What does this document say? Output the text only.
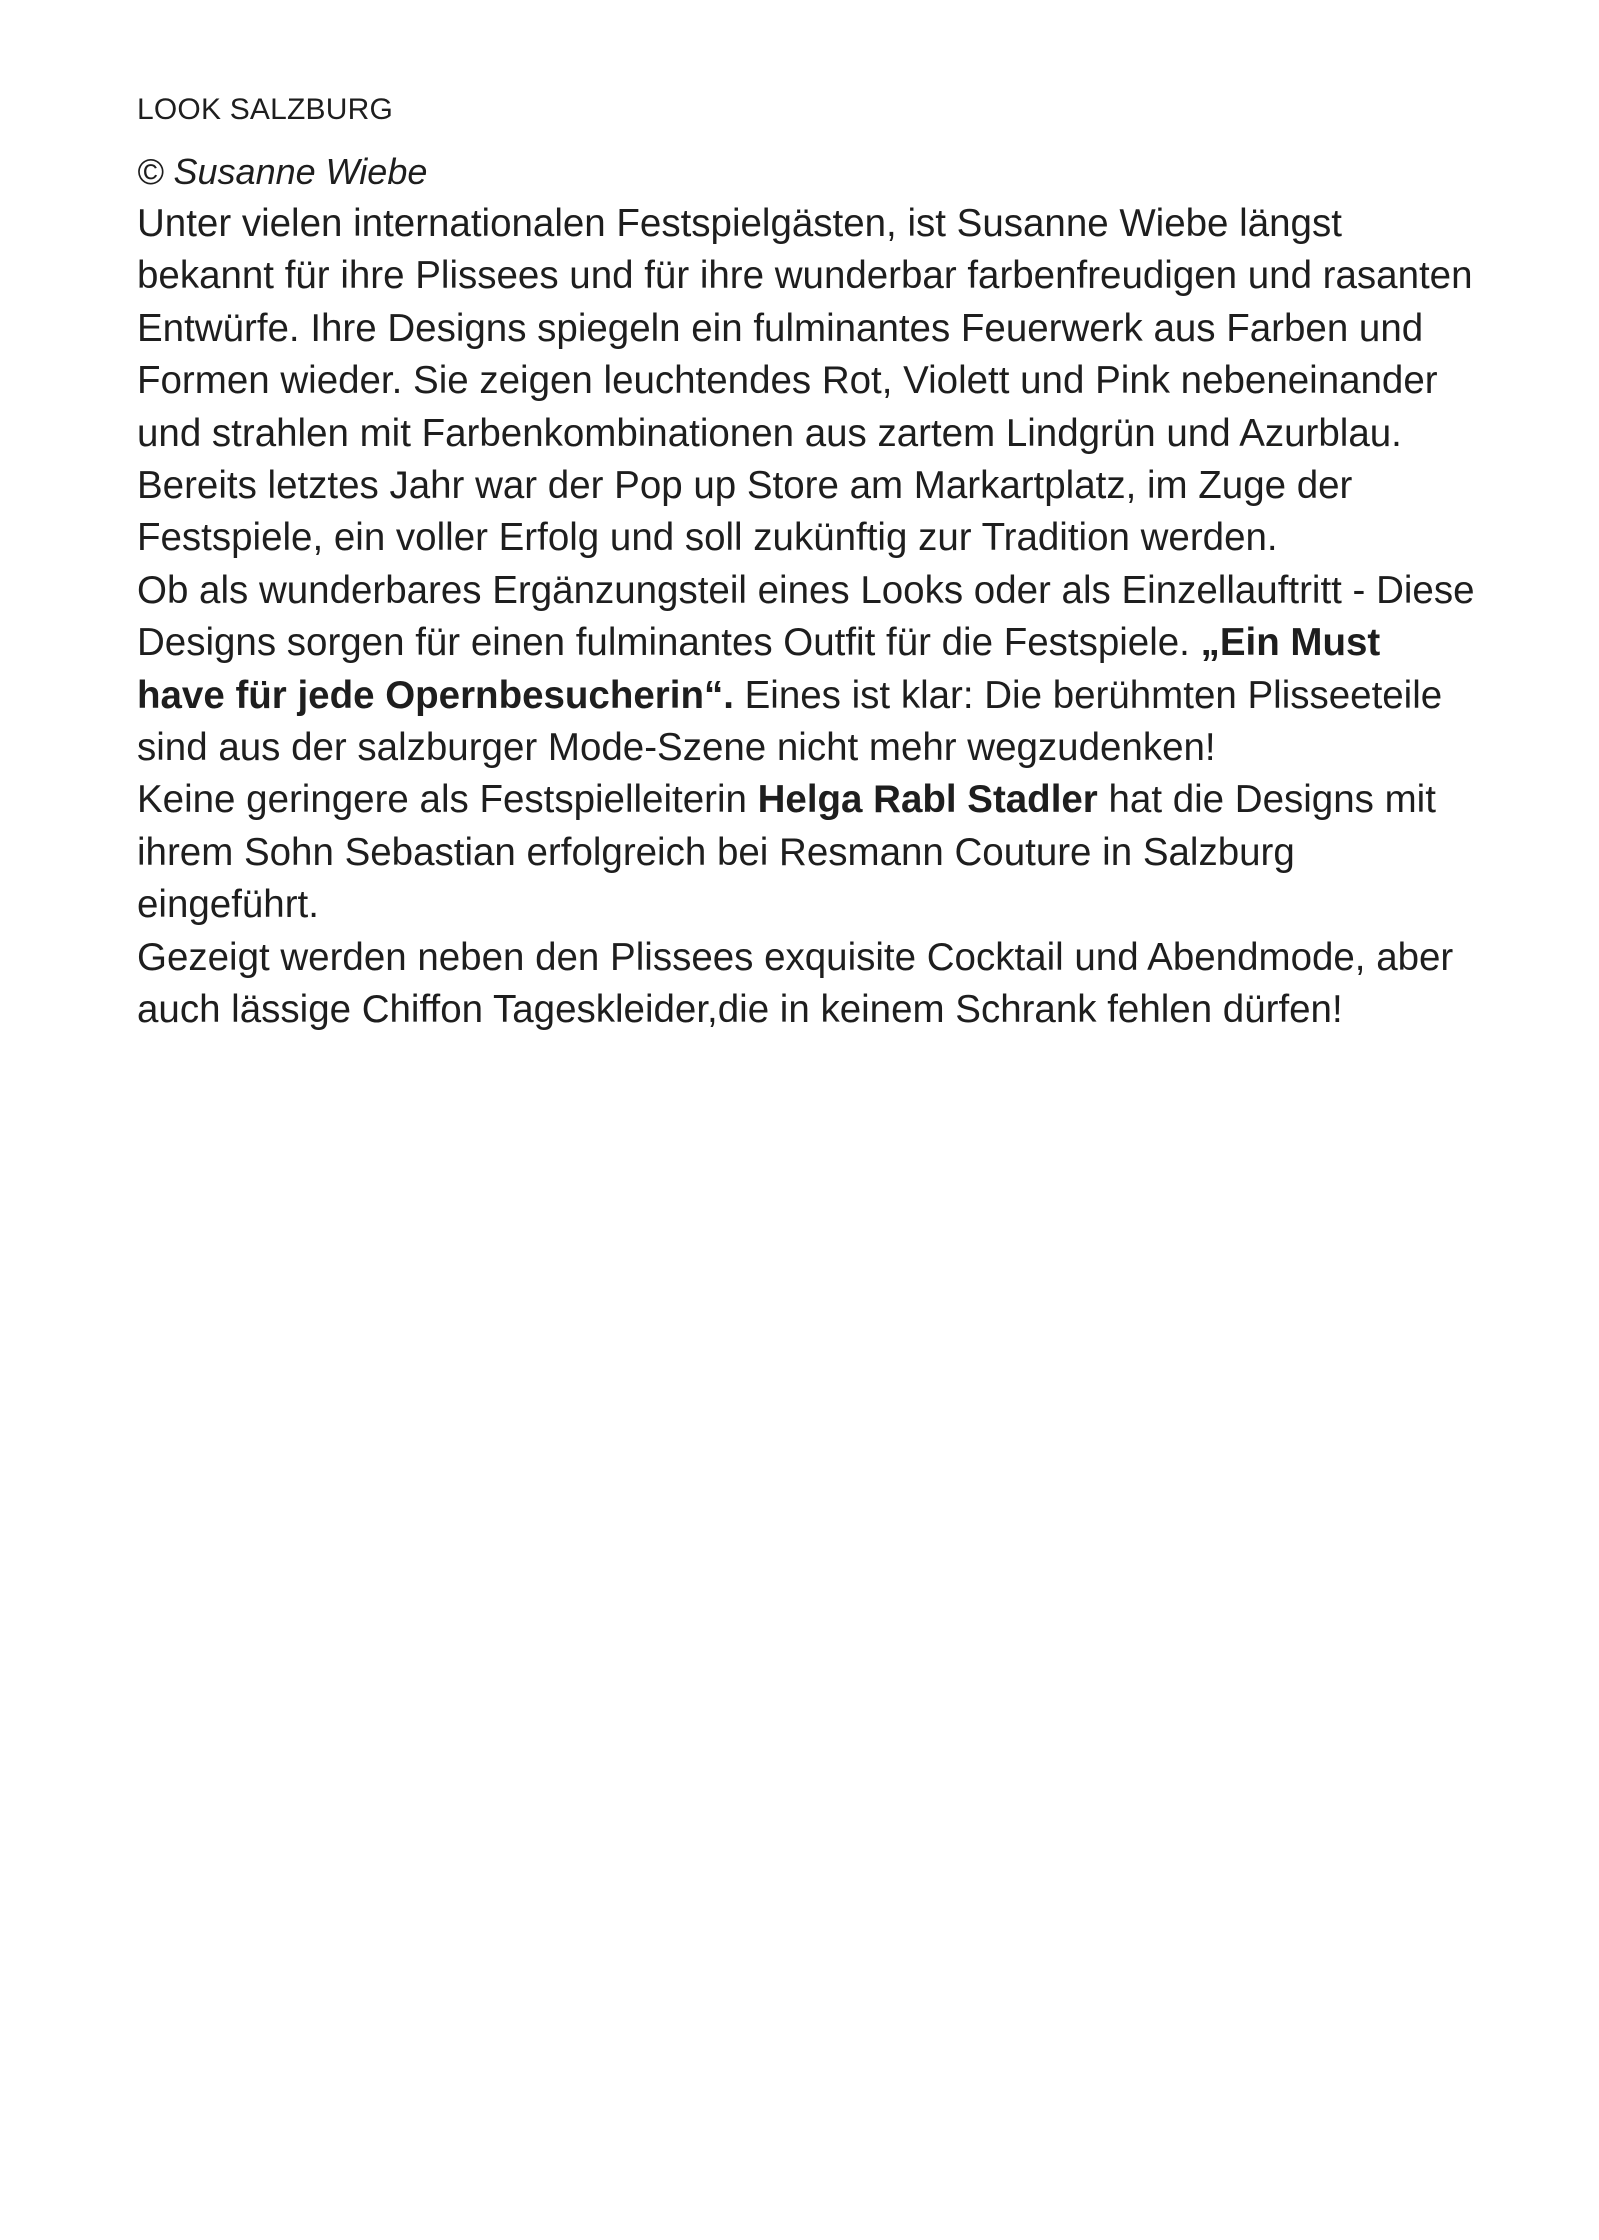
LOOK SALZBURG
© Susanne Wiebe

Unter vielen internationalen Festspielgästen, ist Susanne Wiebe längst bekannt für ihre Plissees und für ihre wunderbar farbenfreudigen und rasanten Entwürfe. Ihre Designs spiegeln ein fulminantes Feuerwerk aus Farben und Formen wieder. Sie zeigen leuchtendes Rot, Violett und Pink nebeneinander und strahlen mit Farbenkombinationen aus zartem Lindgrün und Azurblau. Bereits letztes Jahr war der Pop up Store am Markartplatz, im Zuge der Festspiele, ein voller Erfolg und soll zukünftig zur Tradition werden.

Ob als wunderbares Ergänzungsteil eines Looks oder als Einzellauftritt - Diese Designs sorgen für einen fulminantes Outfit für die Festspiele. „Ein Must have für jede Opernbesucherin“. Eines ist klar: Die berühmten Plisseeteile sind aus der salzburger Mode-Szene nicht mehr wegzudenken!

Keine geringere als Festspielleiterin Helga Rabl Stadler hat die Designs mit ihrem Sohn Sebastian erfolgreich bei Resmann Couture in Salzburg eingeführt.

Gezeigt werden neben den Plissees exquisite Cocktail und Abendmode, aber auch lässige Chiffon Tageskleider,die in keinem Schrank fehlen dürfen!
